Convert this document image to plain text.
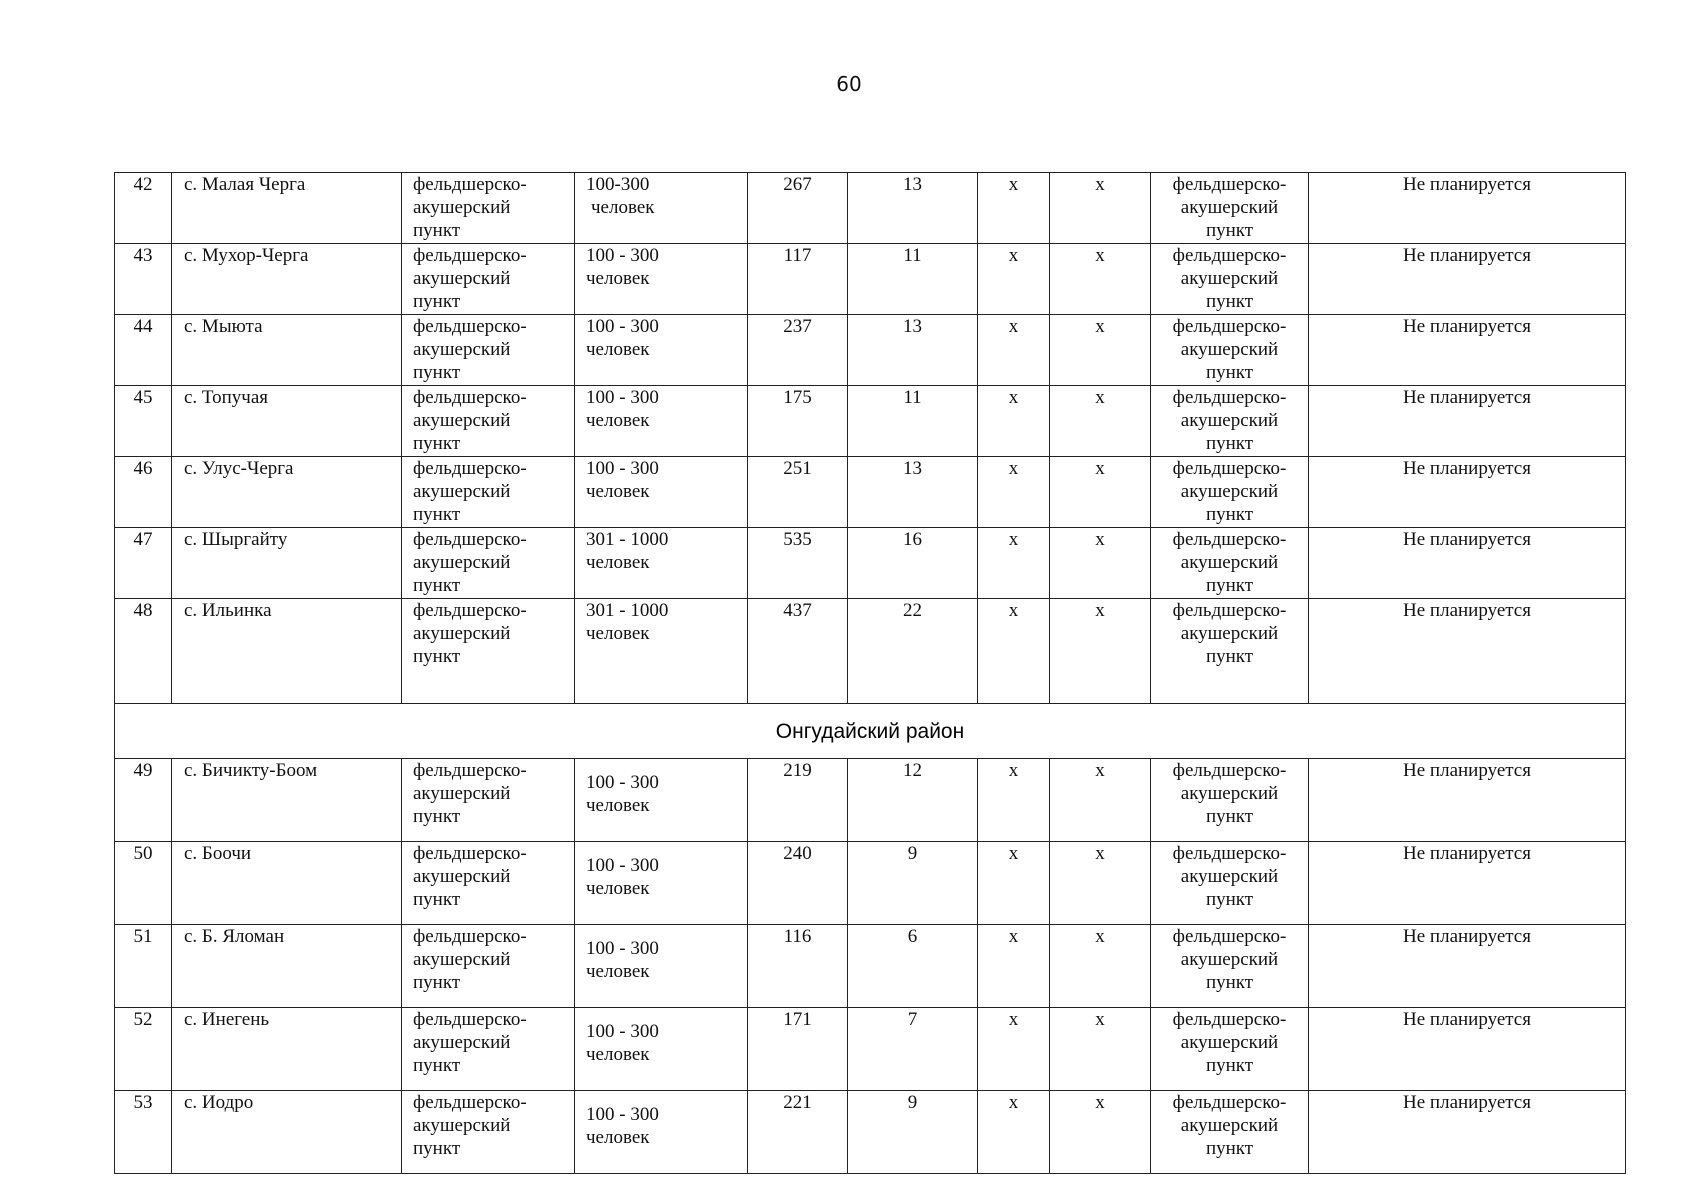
60
42	с. Малая Черга	фельдшерско-
акушерский
пункт	100-300
человек	267	13	х	х	фельдшерско-
акушерский
пункт	Не планируется
43	с. Мухор-Черга	фельдшерско-
акушерский
пункт	100 - 300
человек	117	11	х	х	фельдшерско-
акушерский
пункт	Не планируется
44	с. Мыюта	фельдшерско-
акушерский
пункт	100 - 300
человек	237	13	х	х	фельдшерско-
акушерский
пункт	Не планируется
45	с. Топучая	фельдшерско-
акушерский
пункт	100 - 300
человек	175	11	х	х	фельдшерско-
акушерский
пункт	Не планируется
46	с. Улус-Черга	фельдшерско-
акушерский
пункт	100 - 300
человек	251	13	х	х	фельдшерско-
акушерский
пункт	Не планируется
47	с. Шыргайту	фельдшерско-
акушерский
пункт	301 - 1000
человек	535	16	х	х	фельдшерско-
акушерский
пункт	Не планируется
48	с. Ильинка	фельдшерско-
акушерский
пункт	301 - 1000
человек	437	22	х	х	фельдшерско-
акушерский
пункт	Не планируется
Онгудайский район									
49	с. Бичикту-Боом	фельдшерско-
акушерский
пункт	100 - 300
человек	219	12	х	х	фельдшерско-
акушерский
пункт	Не планируется
50	с. Боочи	фельдшерско-
акушерский
пункт	100 - 300
человек	240	9	х	х	фельдшерско-
акушерский
пункт	Не планируется
51	с. Б. Яломан	фельдшерско-
акушерский
пункт	100 - 300
человек	116	6	х	х	фельдшерско-
акушерский
пункт	Не планируется
52	с. Инегень	фельдшерско-
акушерский
пункт	100 - 300
человек	171	7	х	х	фельдшерско-
акушерский
пункт	Не планируется
53	с. Иодро	фельдшерско-
акушерский
пункт	100 - 300
человек	221	9	х	х	фельдшерско-
акушерский
пункт	Не планируется
